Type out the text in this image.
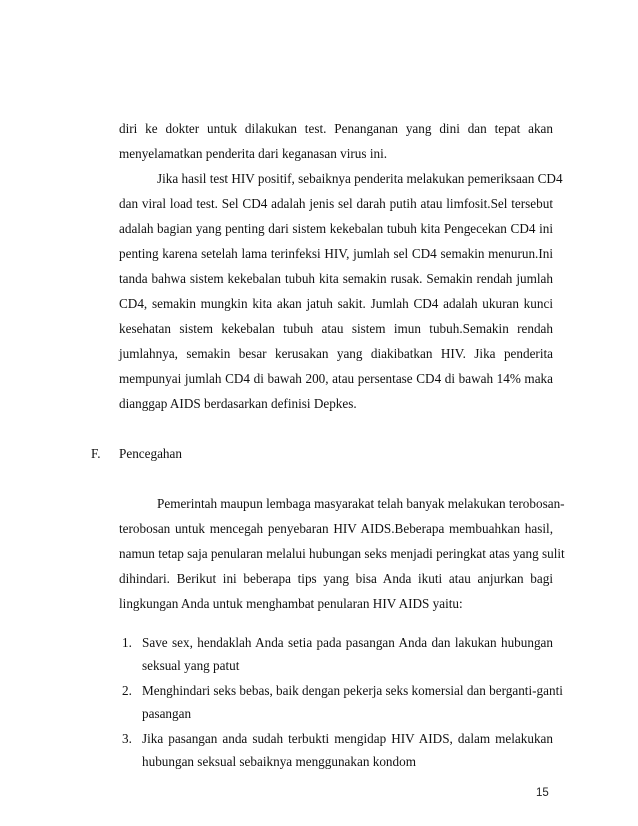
diri ke dokter untuk dilakukan test. Penanganan yang dini dan tepat akan

menyelamatkan penderita dari keganasan virus ini.

Jika hasil test HIV positif, sebaiknya penderita melakukan pemeriksaan CD4

dan viral load test. Sel CD4 adalah jenis sel darah putih atau limfosit.Sel tersebut

adalah bagian yang penting dari sistem kekebalan tubuh kita Pengecekan CD4 ini

penting karena setelah lama terinfeksi HIV, jumlah sel CD4 semakin menurun.Ini

tanda bahwa sistem kekebalan tubuh kita semakin rusak. Semakin rendah jumlah

CD4, semakin mungkin kita akan jatuh sakit. Jumlah CD4 adalah ukuran kunci

kesehatan sistem kekebalan tubuh atau sistem imun tubuh.Semakin rendah

jumlahnya, semakin besar kerusakan yang diakibatkan HIV. Jika penderita

mempunyai jumlah CD4 di bawah 200, atau persentase CD4 di bawah 14% maka

dianggap AIDS berdasarkan definisi Depkes.

F. Pencegahan

Pemerintah maupun lembaga masyarakat telah banyak melakukan terobosan-

terobosan untuk mencegah penyebaran HIV AIDS.Beberapa membuahkan hasil,

namun tetap saja penularan melalui hubungan seks menjadi peringkat atas yang sulit

dihindari. Berikut ini beberapa tips yang bisa Anda ikuti atau anjurkan bagi

lingkungan Anda untuk menghambat penularan HIV AIDS yaitu:

1. Save sex, hendaklah Anda setia pada pasangan Anda dan lakukan hubungan

seksual yang patut

2. Menghindari seks bebas, baik dengan pekerja seks komersial dan berganti-ganti

pasangan

3. Jika pasangan anda sudah terbukti mengidap HIV AIDS, dalam melakukan

hubungan seksual sebaiknya menggunakan kondom

15
